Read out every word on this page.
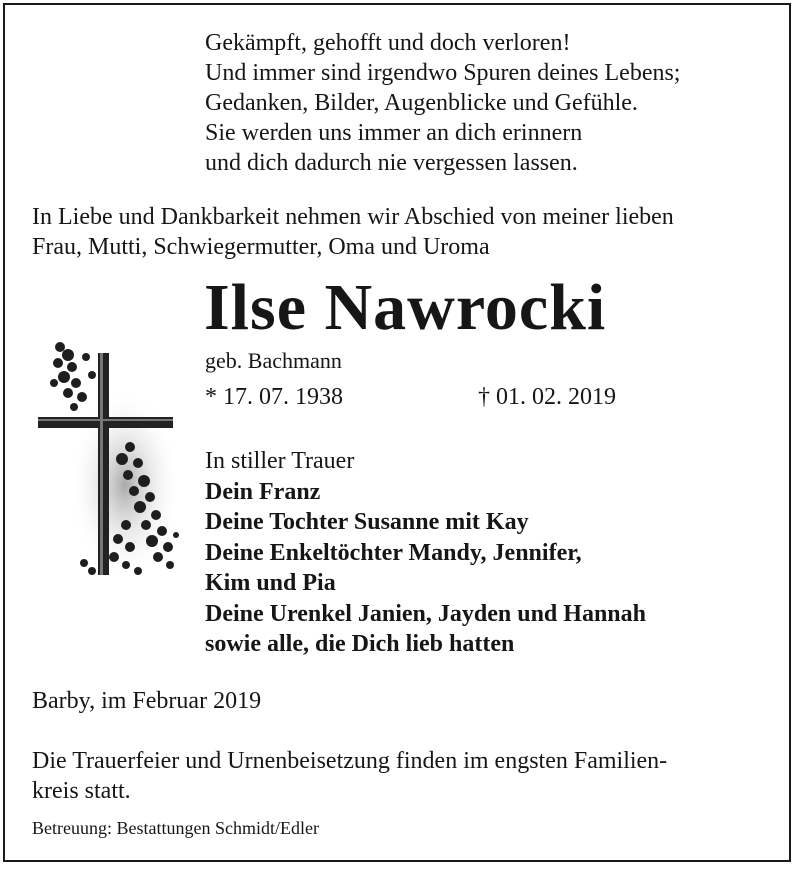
Gekämpft, gehofft und doch verloren!
Und immer sind irgendwo Spuren deines Lebens;
Gedanken, Bilder, Augenblicke und Gefühle.
Sie werden uns immer an dich erinnern
und dich dadurch nie vergessen lassen.
In Liebe und Dankbarkeit nehmen wir Abschied von meiner lieben
Frau, Mutti, Schwiegermutter, Oma und Uroma
Ilse Nawrocki
geb. Bachmann
* 17. 07. 1938	† 01. 02. 2019
In stiller Trauer
Dein Franz
Deine Tochter Susanne mit Kay
Deine Enkeltöchter Mandy, Jennifer,
Kim und Pia
Deine Urenkel Janien, Jayden und Hannah
sowie alle, die Dich lieb hatten
Barby, im Februar 2019
Die Trauerfeier und Urnenbeisetzung finden im engsten Familien-
kreis statt.
Betreuung: Bestattungen Schmidt/Edler
